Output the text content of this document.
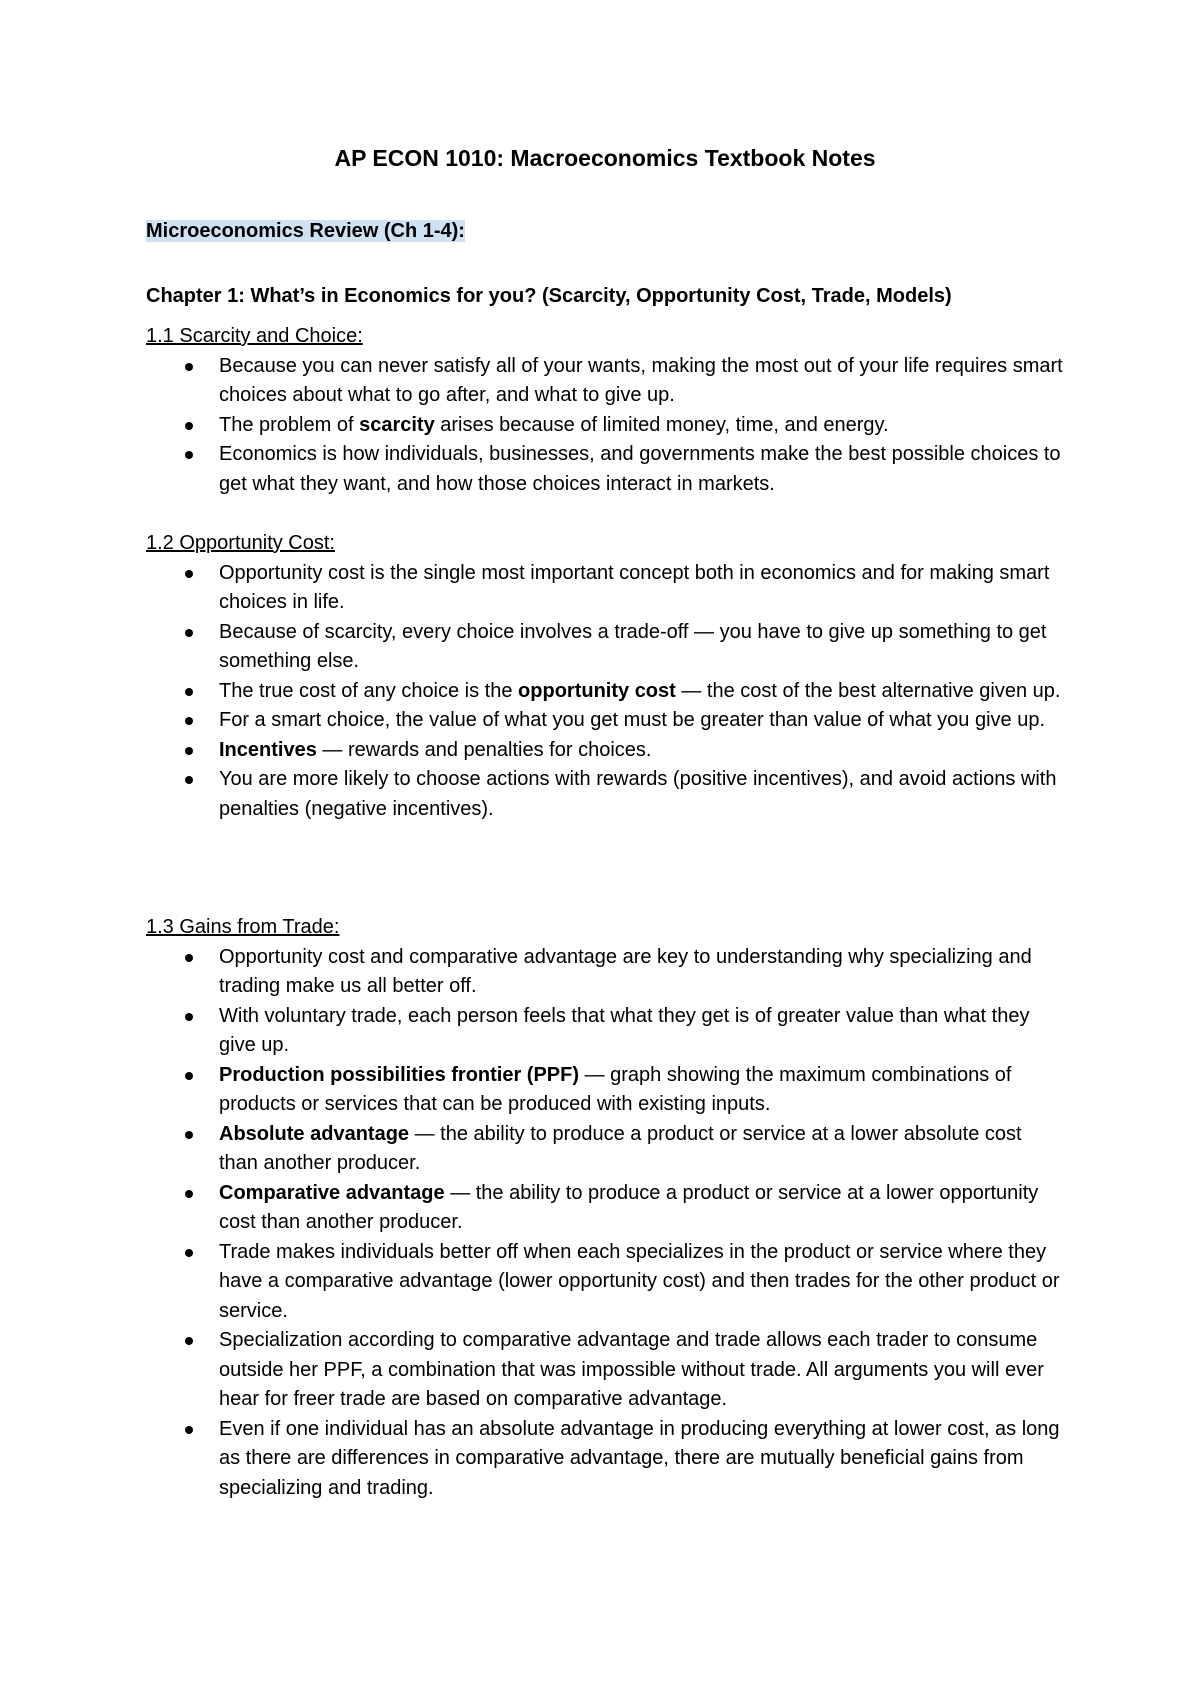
AP ECON 1010: Macroeconomics Textbook Notes
Microeconomics Review (Ch 1-4):
Chapter 1: What’s in Economics for you? (Scarcity, Opportunity Cost, Trade, Models)
1.1 Scarcity and Choice:
Because you can never satisfy all of your wants, making the most out of your life requires smart choices about what to go after, and what to give up.
The problem of scarcity arises because of limited money, time, and energy.
Economics is how individuals, businesses, and governments make the best possible choices to get what they want, and how those choices interact in markets.
1.2 Opportunity Cost:
Opportunity cost is the single most important concept both in economics and for making smart choices in life.
Because of scarcity, every choice involves a trade-off — you have to give up something to get something else.
The true cost of any choice is the opportunity cost — the cost of the best alternative given up.
For a smart choice, the value of what you get must be greater than value of what you give up.
Incentives — rewards and penalties for choices.
You are more likely to choose actions with rewards (positive incentives), and avoid actions with penalties (negative incentives).
1.3 Gains from Trade:
Opportunity cost and comparative advantage are key to understanding why specializing and trading make us all better off.
With voluntary trade, each person feels that what they get is of greater value than what they give up.
Production possibilities frontier (PPF) — graph showing the maximum combinations of products or services that can be produced with existing inputs.
Absolute advantage — the ability to produce a product or service at a lower absolute cost than another producer.
Comparative advantage — the ability to produce a product or service at a lower opportunity cost than another producer.
Trade makes individuals better off when each specializes in the product or service where they have a comparative advantage (lower opportunity cost) and then trades for the other product or service.
Specialization according to comparative advantage and trade allows each trader to consume outside her PPF, a combination that was impossible without trade. All arguments you will ever hear for freer trade are based on comparative advantage.
Even if one individual has an absolute advantage in producing everything at lower cost, as long as there are differences in comparative advantage, there are mutually beneficial gains from specializing and trading.
